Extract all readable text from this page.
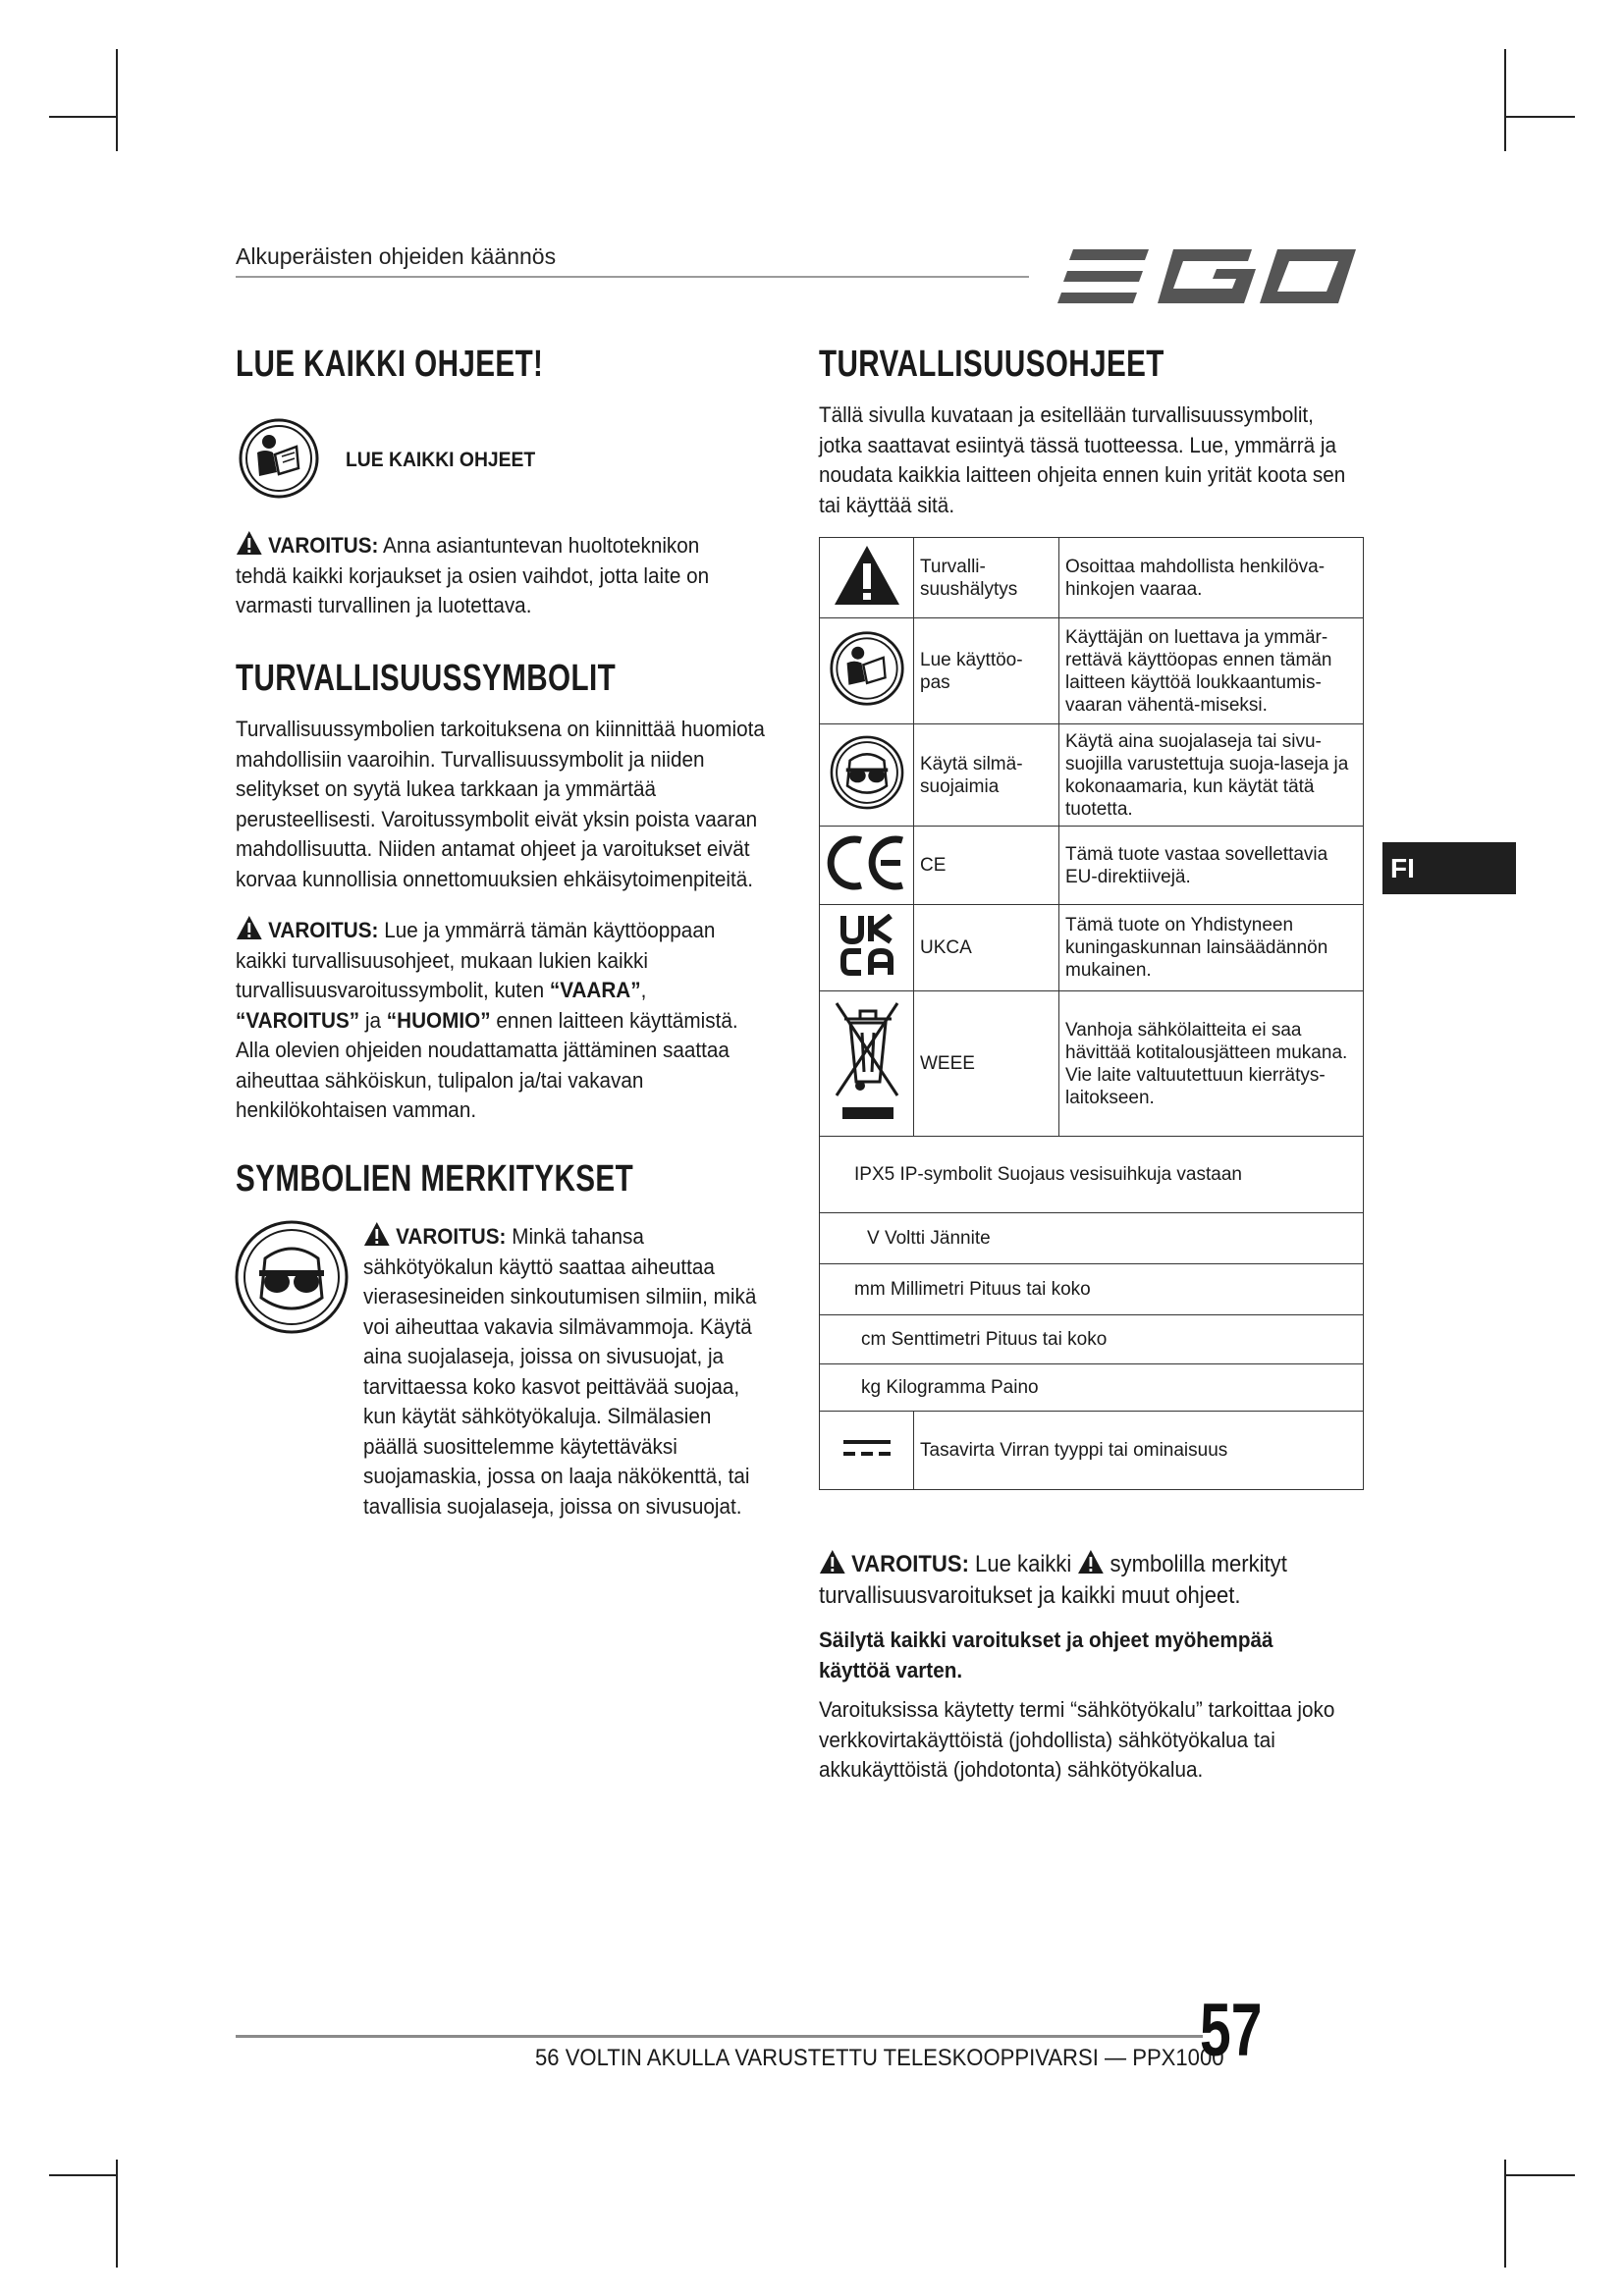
Alkuperäisten ohjeiden käännös
LUE KAIKKI OHJEET!
LUE KAIKKI OHJEET

VAROITUS: Anna asiantuntevan huoltoteknikon tehdä kaikki korjaukset ja osien vaihdot, jotta laite on varmasti turvallinen ja luotettava.

TURVALLISUUSSYMBOLIT

Turvallisuussymbolien tarkoituksena on kiinnittää huomiota mahdollisiin vaaroihin. Turvallisuussymbolit ja niiden selitykset on syytä lukea tarkkaan ja ymmärtää perusteellisesti. Varoitussymbolit eivät yksin poista vaaran mahdollisuutta. Niiden antamat ohjeet ja varoitukset eivät korvaa kunnollisia onnettomuuksien ehkäisytoimenpiteitä.

VAROITUS: Lue ja ymmärrä tämän käyttöoppaan kaikki turvallisuusohjeet, mukaan lukien kaikki turvallisuusvaroitussymbolit, kuten “VAARA”, “VAROITUS” ja “HUOMIO” ennen laitteen käyttämistä. Alla olevien ohjeiden noudattamatta jättäminen saattaa aiheuttaa sähköiskun, tulipalon ja/tai vakavan henkilökohtaisen vamman.

SYMBOLIEN MERKITYKSET

VAROITUS: Minkä tahansa sähkötyökalun käyttö saattaa aiheuttaa vierasesineiden sinkoutumisen silmiin, mikä voi aiheuttaa vakavia silmävammoja. Käytä aina suojalaseja, joissa on sivusuojat, ja tarvittaessa koko kasvot peittävää suojaa, kun käytät sähkötyökaluja. Silmälasien päällä suosittelemme käytettäväksi suojamaskia, jossa on laaja näkökenttä, tai tavallisia suojalaseja, joissa on sivusuojat.

TURVALLISUUSOHJEET

Tällä sivulla kuvataan ja esitellään turvallisuussymbolit, jotka saattavat esiintyä tässä tuotteessa. Lue, ymmärrä ja noudata kaikkia laitteen ohjeita ennen kuin yrität koota sen tai käyttää sitä.

	Turvalli-suushälytys	Osoittaa mahdollista henkilöva-hinkojen vaaraa.
	Lue käyttöo-pas	Käyttäjän on luettava ja ymmär-rettävä käyttöopas ennen tämän laitteen käyttöä loukkaantumis-vaaran vähentä-miseksi.
	Käytä silmä-suojaimia	Käytä aina suojalaseja tai sivu-suojilla varustettuja suoja-laseja ja kokonaamaria, kun käytät tätä tuotetta.
	CE	Tämä tuote vastaa sovellettavia EU-direktiivejä.
	UKCA	Tämä tuote on Yhdistyneen kuningaskunnan lainsäädännön mukainen.
	WEEE	Vanhoja sähkölaitteita ei saa hävittää kotitalousjätteen mukana. Vie laite valtuutettuun kierrätys-laitokseen.
IPX5 IP-symbolit Suojaus vesisuihkuja vastaan		
V Voltti Jännite		
mm Millimetri Pituus tai koko		
cm Senttimetri Pituus tai koko		
kg Kilogramma Paino		
	Tasavirta Virran tyyppi tai ominaisuus	

VAROITUS: Lue kaikki symbolilla merkityt turvallisuusvaroitukset ja kaikki muut ohjeet.

Säilytä kaikki varoitukset ja ohjeet myöhempää käyttöä varten.

Varoituksissa käytetty termi “sähkötyökalu” tarkoittaa joko verkkovirtakäyttöistä (johdollista) sähkötyökalua tai akkukäyttöistä (johdotonta) sähkötyökalua.

FI
56 VOLTIN AKULLA VARUSTETTU TELESKOOPPIVARSI — PPX1000
57
